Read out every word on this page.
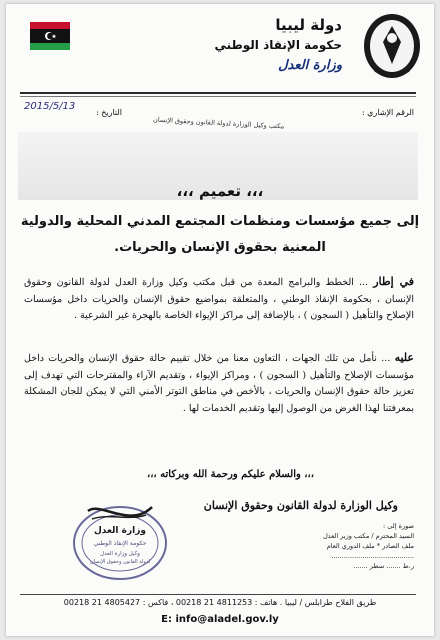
دولة ليبيا
حكومة الإنقاذ الوطني
وزارة العدل
الرقم الإشاري :
التاريخ :
2015/5/13
مكتب وكيل الوزارة لدولة القانون وحقوق الإنسان
،،، تعميم ،،،
إلى جميع مؤسسات ومنظمات المجتمع المدني المحلية والدولية
المعنية بحقوق الإنسان والحريات.
في إطار ... الخطط والبرامج المعدة من قبل مكتب وكيل وزارة العدل لدولة القانون وحقوق الإنسان ، بحكومة الإنقاذ الوطني ، والمتعلقة بمواضيع حقوق الإنسان والحريات داخل مؤسسات الإصلاح والتأهيل ( السجون ) ، بالإضافة إلى مراكز الإيواء الخاصة بالهجرة غير الشرعية .
عليه ... نأمل من تلك الجهات ، التعاون معنا من خلال تقييم حالة حقوق الإنسان والحريات داخل مؤسسات الإصلاح والتأهيل ( السجون ) ، ومراكز الإيواء ، وتقديم الآراء والمقترحات التي تهدف إلى تعزيز حالة حقوق الإنسان والحريات ، بالأخص في مناطق التوتر الأمني التي لا يمكن للجان المشكلة بمعرفتنا لهذا الغرض من الوصول إليها وتقديم الخدمات لها .
،،، والسلام عليكم ورحمة الله وبركاته ،،،
وكيل الوزارة لدولة القانون وحقوق الإنسان
وزارة العدل
حكومة الإنقاذ الوطني
وكيل وزارة العدل
لدولة القانون وحقوق الإنسان
صورة إلى :
السيد المحترم / مكتب وزير العدل
ملف الصادر * ملف الدوري العام
........................................
ر.ط ....... سطر .......
طريق الفلاح طرابلس / ليبيا . هاتف : 4811253 21 00218 ، فاكس : 4805427 21 00218
E: info@aladel.gov.ly
